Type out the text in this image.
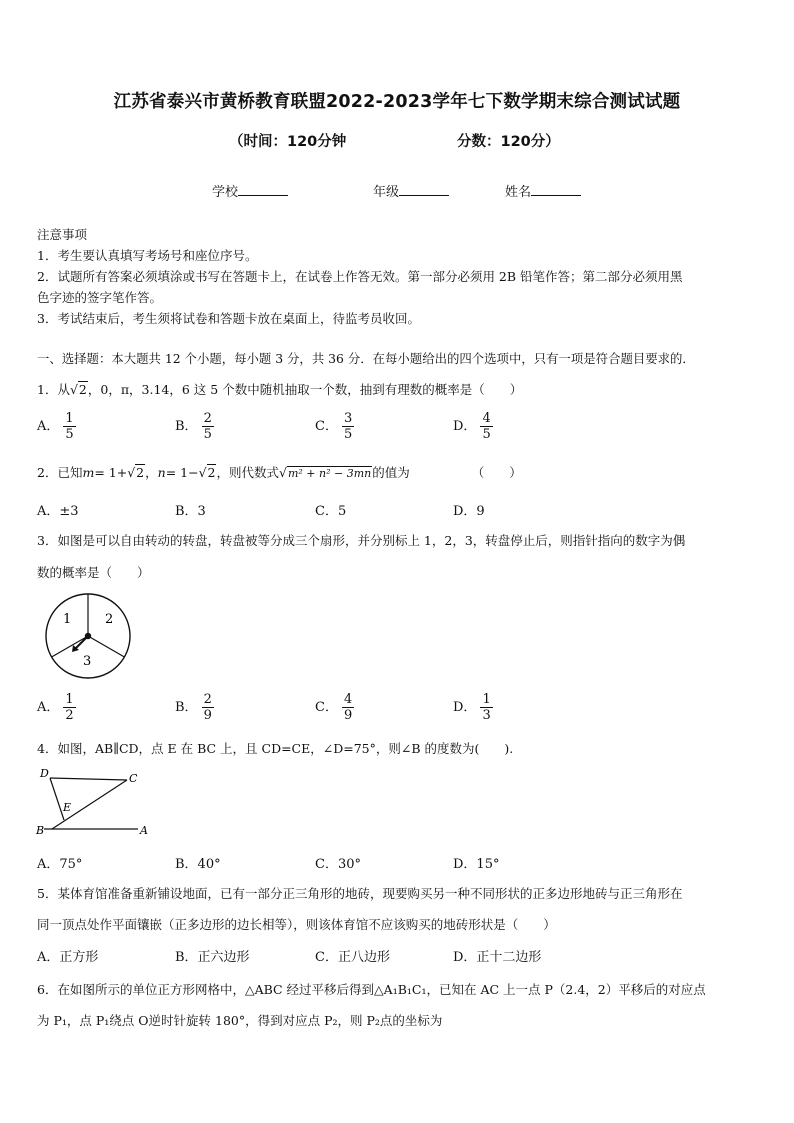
江苏省泰兴市黄桥教育联盟2022-2023学年七下数学期末综合测试试题
（时间：120分钟	分数：120分）
学校	年级	姓名
注意事项
1．考生要认真填写考场号和座位序号。
2．试题所有答案必须填涂或书写在答题卡上，在试卷上作答无效。第一部分必须用 2B 铅笔作答；第二部分必须用黑
色字迹的签字笔作答。
3．考试结束后，考生须将试卷和答题卡放在桌面上，待监考员收回。
一、选择题：本大题共 12 个小题，每小题 3 分，共 36 分．在每小题给出的四个选项中，只有一项是符合题目要求的．
1．从√2，0，π，3.14，6 这 5 个数中随机抽取一个数，抽到有理数的概率是（　　）
A． $\frac{1}{5}$	B． $\frac{2}{5}$	C． $\frac{3}{5}$	D． $\frac{4}{5}$
2．已知m= 1+√2，n= 1−√2，则代数式√m² + n² − 3mn的值为	（　　）
A．±3	B．3	C．5	D．9
3．如图是可以自由转动的转盘，转盘被等分成三个扇形，并分别标上 1，2，3，转盘停止后，则指针指向的数字为偶
数的概率是（　　）
1	2
3
A． $\frac{1}{2}$	B． $\frac{2}{9}$	C． $\frac{4}{9}$	D． $\frac{1}{3}$
4．如图，AB∥CD，点 E 在 BC 上，且 CD=CE，∠D=75°，则∠B 的度数为(　　).
D	C
E
B	A
A．75°	B．40°	C．30°	D．15°
5．某体育馆准备重新铺设地面，已有一部分正三角形的地砖，现要购买另一种不同形状的正多边形地砖与正三角形在
同一顶点处作平面镶嵌（正多边形的边长相等），则该体育馆不应该购买的地砖形状是（　　）
A．正方形	B．正六边形	C．正八边形	D．正十二边形
6．在如图所示的单位正方形网格中，△ABC 经过平移后得到△A₁B₁C₁，已知在 AC 上一点 P（2.4，2）平移后的对应点
为 P₁，点 P₁绕点 O逆时针旋转 180°，得到对应点 P₂，则 P₂点的坐标为
